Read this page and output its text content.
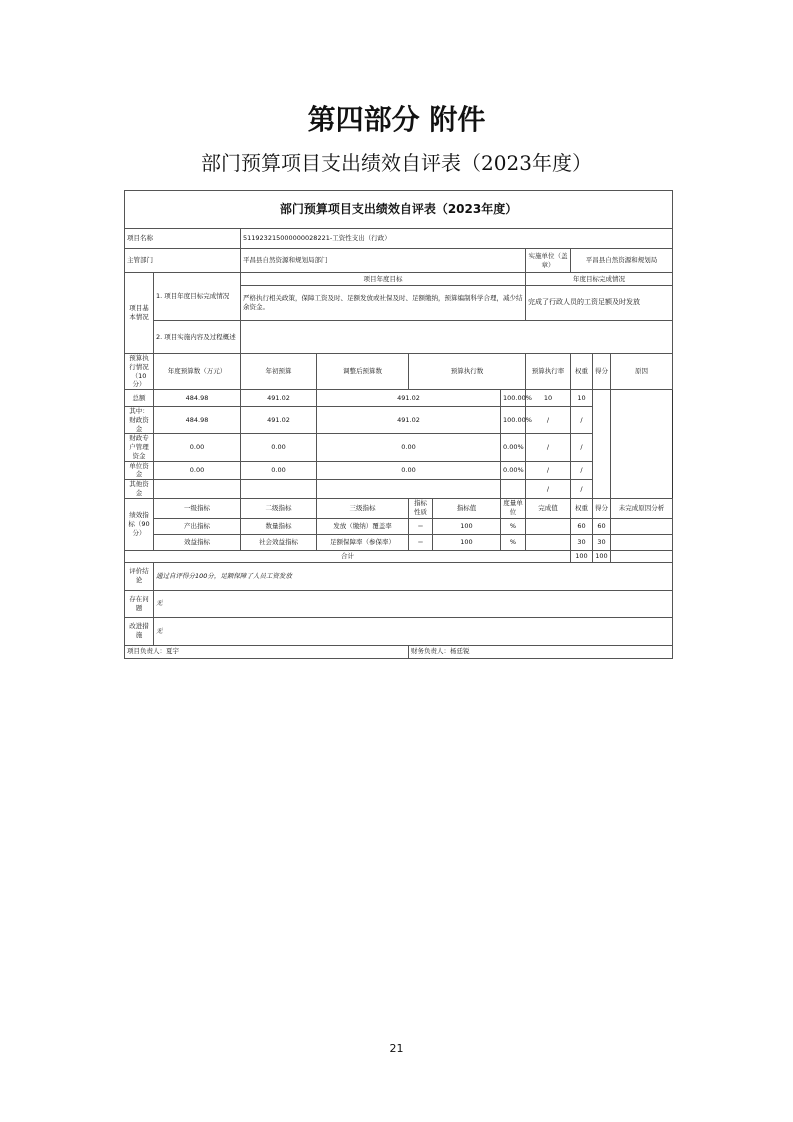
第四部分 附件
部门预算项目支出绩效自评表（2023年度）
部门预算项目支出绩效自评表（2023年度）										
项目名称		511923215000000028221-工资性支出（行政）								
主管部门		平昌县自然资源和规划局部门					实施单位（盖章）	平昌县自然资源和规划局		
项目基本情况	1. 项目年度目标完成情况	项目年度目标					年度目标完成情况			
		严格执行相关政策，保障工资及时、足额发放或社保及时、足额缴纳，预算编制科学合理，减少结余资金。					完成了行政人员的工资足额及时发放			
	2. 项目实施内容及过程概述									
预算执行情况（10分）	年度预算数（万元）	年初预算	调整后预算数	预算执行数			预算执行率	权重	得分	原因
总额	484.98	491.02	491.02			100.00%	10	10		
其中：财政资金	484.98	491.02	491.02			100.00%	/	/		
财政专户管理资金	0.00	0.00	0.00			0.00%	/	/		
单位资金	0.00	0.00	0.00			0.00%	/	/		
其他资金							/	/		
绩效指标（90分）	一级指标	二级指标	三级指标	指标性质	指标值	度量单位	完成值	权重	得分	未完成原因分析
	产出指标	数量指标	发放（缴纳）覆盖率	＝	100	%		60	60	
	效益指标	社会效益指标	足额保障率（参保率）	＝	100	%		30	30	
合计								100	100	
评价结论	通过自评得分100分，足额保障了人员工资发放									
存在问题	无									
改进措施	无									
项目负责人：夏宇				财务负责人：杨廷锐						
21
